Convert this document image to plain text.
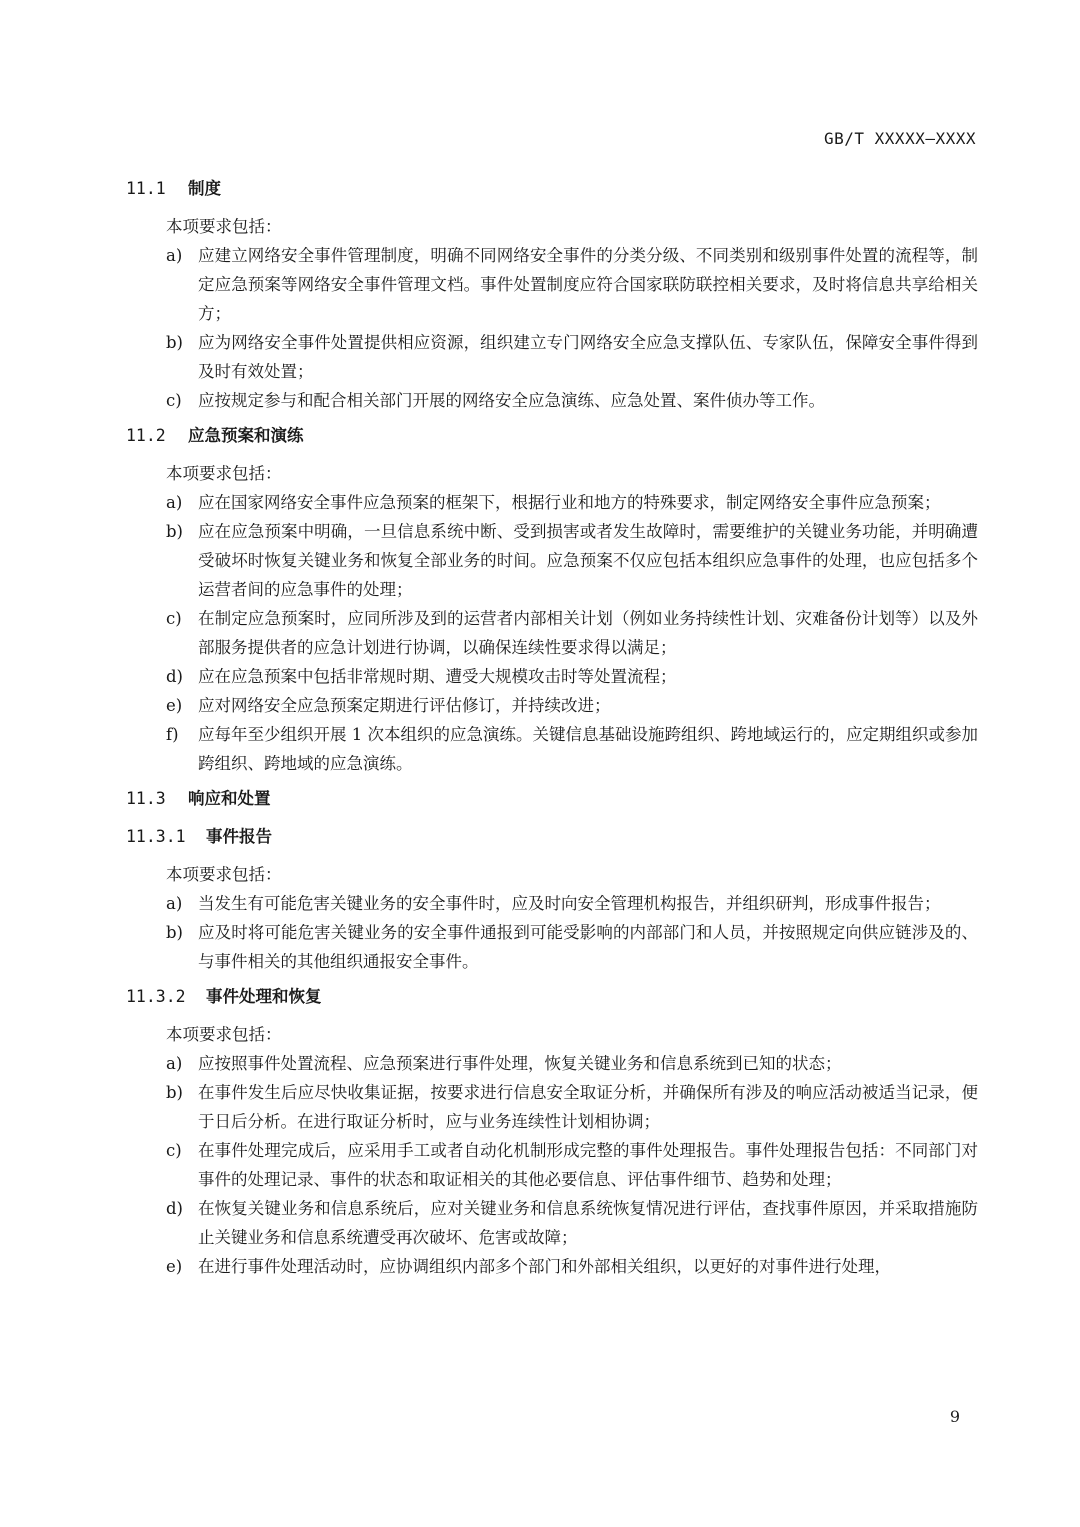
GB/T XXXXX—XXXX
11.1 制度
本项要求包括：
a) 应建立网络安全事件管理制度，明确不同网络安全事件的分类分级、不同类别和级别事件处置的流程等，制定应急预案等网络安全事件管理文档。事件处置制度应符合国家联防联控相关要求，及时将信息共享给相关方；
b) 应为网络安全事件处置提供相应资源，组织建立专门网络安全应急支撑队伍、专家队伍，保障安全事件得到及时有效处置；
c) 应按规定参与和配合相关部门开展的网络安全应急演练、应急处置、案件侦办等工作。
11.2 应急预案和演练
本项要求包括：
a) 应在国家网络安全事件应急预案的框架下，根据行业和地方的特殊要求，制定网络安全事件应急预案；
b) 应在应急预案中明确，一旦信息系统中断、受到损害或者发生故障时，需要维护的关键业务功能，并明确遭受破坏时恢复关键业务和恢复全部业务的时间。应急预案不仅应包括本组织应急事件的处理，也应包括多个运营者间的应急事件的处理；
c) 在制定应急预案时，应同所涉及到的运营者内部相关计划（例如业务持续性计划、灾难备份计划等）以及外部服务提供者的应急计划进行协调，以确保连续性要求得以满足；
d) 应在应急预案中包括非常规时期、遭受大规模攻击时等处置流程；
e) 应对网络安全应急预案定期进行评估修订，并持续改进；
f)	应每年至少组织开展 1 次本组织的应急演练。关键信息基础设施跨组织、跨地域运行的，应定期组织或参加跨组织、跨地域的应急演练。
11.3 响应和处置
11.3.1 事件报告
本项要求包括：
a) 当发生有可能危害关键业务的安全事件时，应及时向安全管理机构报告，并组织研判，形成事件报告；
b) 应及时将可能危害关键业务的安全事件通报到可能受影响的内部部门和人员，并按照规定向供应链涉及的、与事件相关的其他组织通报安全事件。
11.3.2 事件处理和恢复
本项要求包括：
a) 应按照事件处置流程、应急预案进行事件处理，恢复关键业务和信息系统到已知的状态；
b) 在事件发生后应尽快收集证据，按要求进行信息安全取证分析，并确保所有涉及的响应活动被适当记录，便于日后分析。在进行取证分析时，应与业务连续性计划相协调；
c) 在事件处理完成后，应采用手工或者自动化机制形成完整的事件处理报告。事件处理报告包括：不同部门对事件的处理记录、事件的状态和取证相关的其他必要信息、评估事件细节、趋势和处理；
d) 在恢复关键业务和信息系统后，应对关键业务和信息系统恢复情况进行评估，查找事件原因，并采取措施防止关键业务和信息系统遭受再次破坏、危害或故障；
e) 在进行事件处理活动时，应协调组织内部多个部门和外部相关组织，以更好的对事件进行处理，
9
